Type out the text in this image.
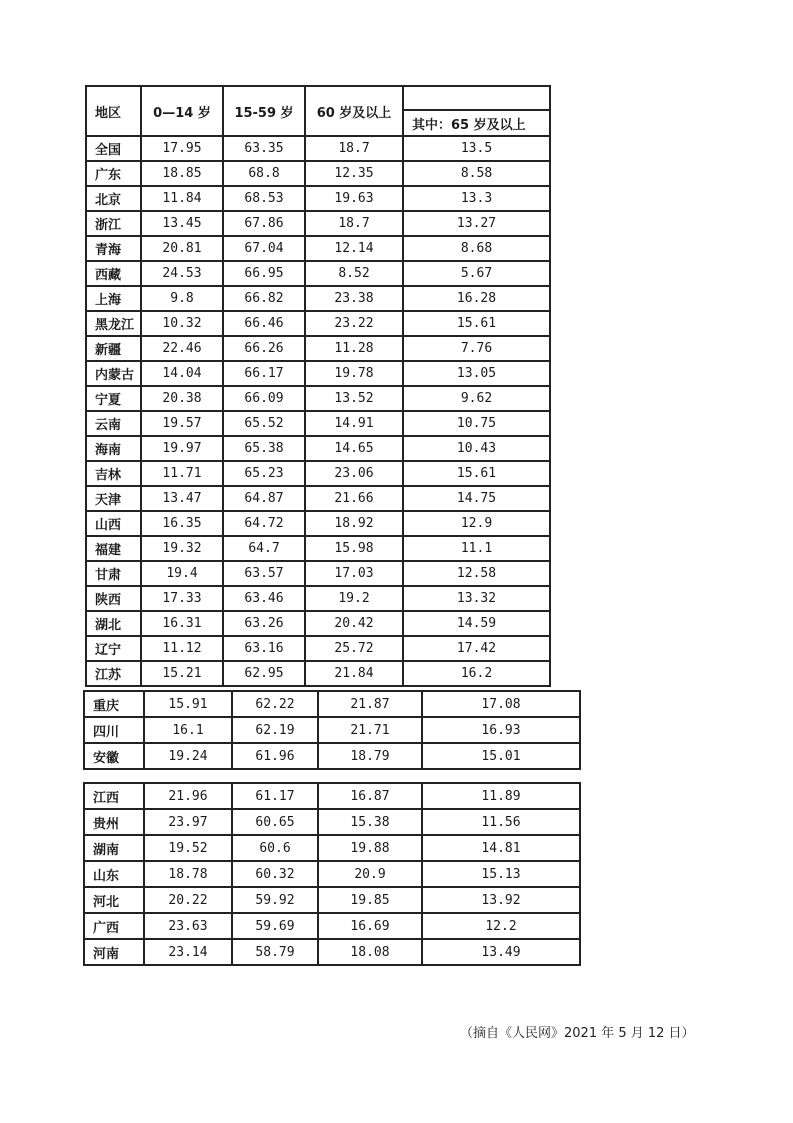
地区	0—14 岁	15-59 岁	60 岁及以上	
				其中：65 岁及以上
全国	17.95	63.35	18.7	13.5
广东	18.85	68.8	12.35	8.58
北京	11.84	68.53	19.63	13.3
浙江	13.45	67.86	18.7	13.27
青海	20.81	67.04	12.14	8.68
西藏	24.53	66.95	8.52	5.67
上海	9.8	66.82	23.38	16.28
黑龙江	10.32	66.46	23.22	15.61
新疆	22.46	66.26	11.28	7.76
内蒙古	14.04	66.17	19.78	13.05
宁夏	20.38	66.09	13.52	9.62
云南	19.57	65.52	14.91	10.75
海南	19.97	65.38	14.65	10.43
吉林	11.71	65.23	23.06	15.61
天津	13.47	64.87	21.66	14.75
山西	16.35	64.72	18.92	12.9
福建	19.32	64.7	15.98	11.1
甘肃	19.4	63.57	17.03	12.58
陕西	17.33	63.46	19.2	13.32
湖北	16.31	63.26	20.42	14.59
辽宁	11.12	63.16	25.72	17.42
江苏	15.21	62.95	21.84	16.2
重庆	15.91	62.22	21.87	17.08
四川	16.1	62.19	21.71	16.93
安徽	19.24	61.96	18.79	15.01
江西	21.96	61.17	16.87	11.89
贵州	23.97	60.65	15.38	11.56
湖南	19.52	60.6	19.88	14.81
山东	18.78	60.32	20.9	15.13
河北	20.22	59.92	19.85	13.92
广西	23.63	59.69	16.69	12.2
河南	23.14	58.79	18.08	13.49
（摘自《人民网》2021 年 5 月 12 日）
